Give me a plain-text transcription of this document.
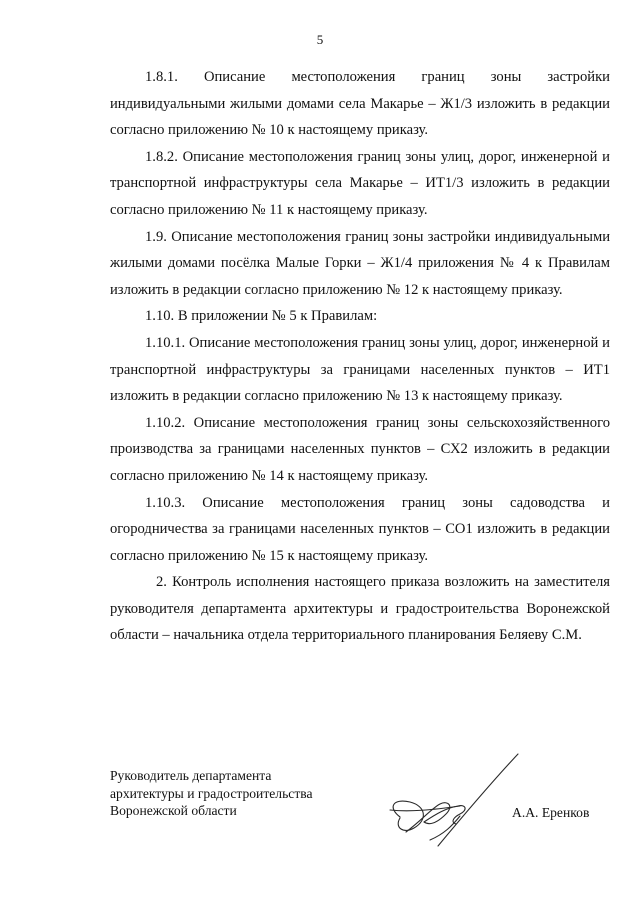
5

1.8.1. Описание местоположения границ зоны застройки индивидуальными жилыми домами села Макарье – Ж1/3 изложить в редакции согласно приложению № 10 к настоящему приказу.

1.8.2. Описание местоположения границ зоны улиц, дорог, инженерной и транспортной инфраструктуры села Макарье – ИТ1/3 изложить в редакции согласно приложению № 11 к настоящему приказу.

1.9. Описание местоположения границ зоны застройки индивидуальными жилыми домами посёлка Малые Горки – Ж1/4 приложения № 4 к Правилам изложить в редакции согласно приложению № 12 к настоящему приказу.

1.10. В приложении № 5 к Правилам:

1.10.1. Описание местоположения границ зоны улиц, дорог, инженерной и транспортной инфраструктуры за границами населенных пунктов – ИТ1 изложить в редакции согласно приложению № 13 к настоящему приказу.

1.10.2. Описание местоположения границ зоны сельскохозяйственного производства за границами населенных пунктов – СХ2 изложить в редакции согласно приложению № 14 к настоящему приказу.

1.10.3. Описание местоположения границ зоны садоводства и огородничества за границами населенных пунктов – СО1 изложить в редакции согласно приложению № 15 к настоящему приказу.

2. Контроль исполнения настоящего приказа возложить на заместителя руководителя департамента архитектуры и градостроительства Воронежской области – начальника отдела территориального планирования Беляеву С.М.

Руководитель департамента
архитектуры и градостроительства
Воронежской области	А.А. Еренков
